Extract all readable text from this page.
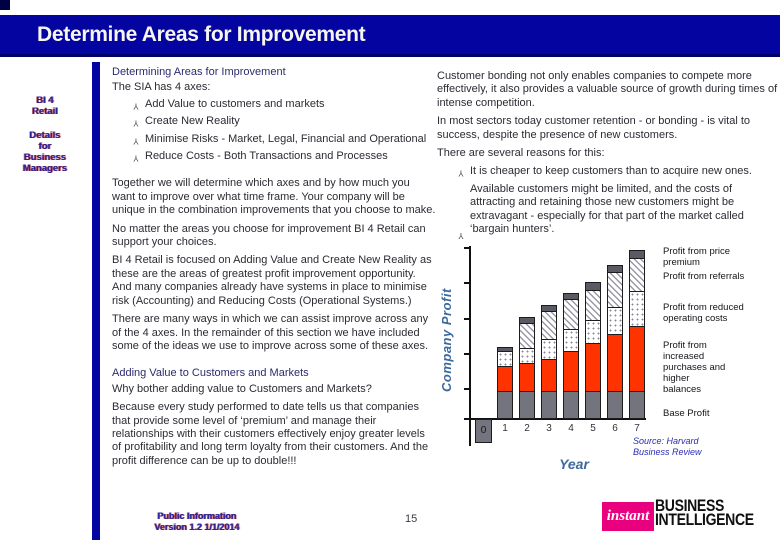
Determine Areas for Improvement
BI 4
Retail
Details
for
Business
Managers
Determining Areas for Improvement
The SIA has 4 axes:
Y Add Value to customers and markets
Y Create New Reality
Y Minimise Risks - Market, Legal, Financial and Operational
Y Reduce Costs - Both Transactions and Processes

Together we will determine which axes and by how much you want to improve over what time frame. Your company will be unique in the combination improvements that you choose to make.

No matter the areas you choose for improvement BI 4 Retail can support your choices.

BI 4 Retail is focused on Adding Value and Create New Reality as these are the areas of greatest profit improvement opportunity. And many companies already have systems in place to minimise risk (Accounting) and Reducing Costs (Operational Systems.)

There are many ways in which we can assist improve across any of the 4 axes. In the remainder of this section we have included some of the ideas we use to improve across some of these axes.

Adding Value to Customers and Markets

Why bother adding value to Customers and Markets?

Because every study performed to date tells us that companies that provide some level of ‘premium’ and manage their relationships with their customers effectively enjoy greater levels of profitability and long term loyalty from their customers. And the profit difference can be up to double!!!

Customer bonding not only enables companies to compete more effectively, it also provides a valuable source of growth during times of intense competition.

In most sectors today customer retention - or bonding - is vital to success, despite the presence of new customers.

There are several reasons for this:

Y It is cheaper to keep customers than to acquire new ones.
Y
Available customers might be limited, and the costs of attracting and retaining those new customers might be extravagant - especially for that part of the market called ‘bargain hunters’.
Company Profit
1	2	3	4	5	6	7
0
Year
Source: Harvard Business Review
Profit from price premium
Profit from referrals
Profit from reduced operating costs
Profit from increased purchases and higher balances
Base Profit
Public Information
Version 1.2 1/1/2014
15	instant
BUSINESS
INTELLIGENCE
